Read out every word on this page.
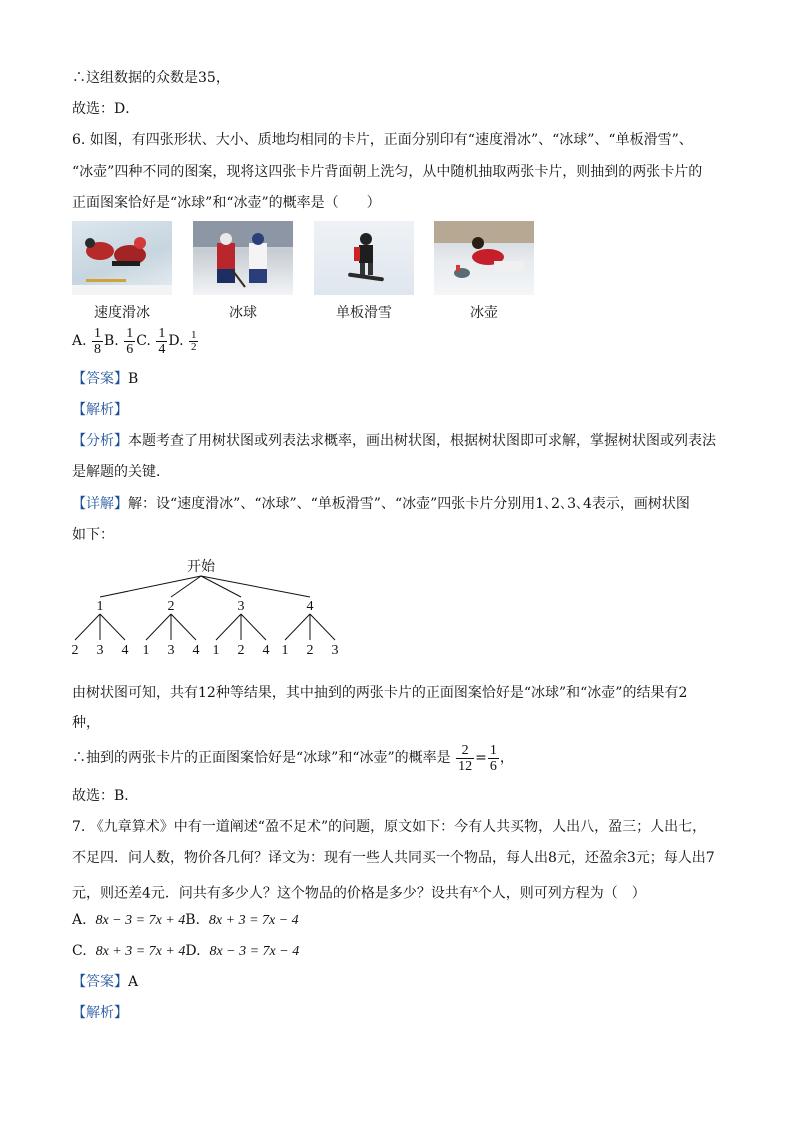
∴这组数据的众数是35，
故选：D．
6. 如图，有四张形状、大小、质地均相同的卡片，正面分别印有“速度滑冰”、“冰球”、“单板滑雪”、
“冰壶”四种不同的图案，现将这四张卡片背面朝上洗匀，从中随机抽取两张卡片，则抽到的两张卡片的
正面图案恰好是“冰球”和“冰壶”的概率是（　　）
速度滑冰	冰球	单板滑雪	冰壶
A. $\frac{1}{8} B$. $\frac{1}{6} C$. $\frac{1}{4} D$. $\frac{1}{2}$
【答案】B
【解析】
【分析】本题考查了用树状图或列表法求概率，画出树状图，根据树状图即可求解，掌握树状图或列表法
是解题的关键．
【详解】解：设“速度滑冰”、“冰球”、“单板滑雪”、“冰壶”四张卡片分别用1､2､3､4表示，画树状图
如下：
开始
1
2 3 4
2
1 3 4
3
1 2 4
4
1 2 3
由树状图可知，共有12种等结果，其中抽到的两张卡片的正面图案恰好是“冰球”和“冰壶”的结果有2
种，
∴抽到的两张卡片的正面图案恰好是“冰球”和“冰壶”的概率是 $\frac{2}{12} = \frac{1}{6}$ ，
故选：B．
7. 《九章算术》中有一道阐述“盈不足术”的问题，原文如下：今有人共买物，人出八，盈三；人出七，
不足四．问人数，物价各几何？译文为：现有一些人共同买一个物品，每人出8元，还盈余3元；每人出7
元，则还差4元．问共有多少人？这个物品的价格是多少？设共有$^x$个人，则可列方程为（　）
A. 8x − 3 = 7x + 4B. 8x + 3 = 7x − 4
C. 8x + 3 = 7x + 4D. 8x − 3 = 7x − 4
【答案】A
【解析】
